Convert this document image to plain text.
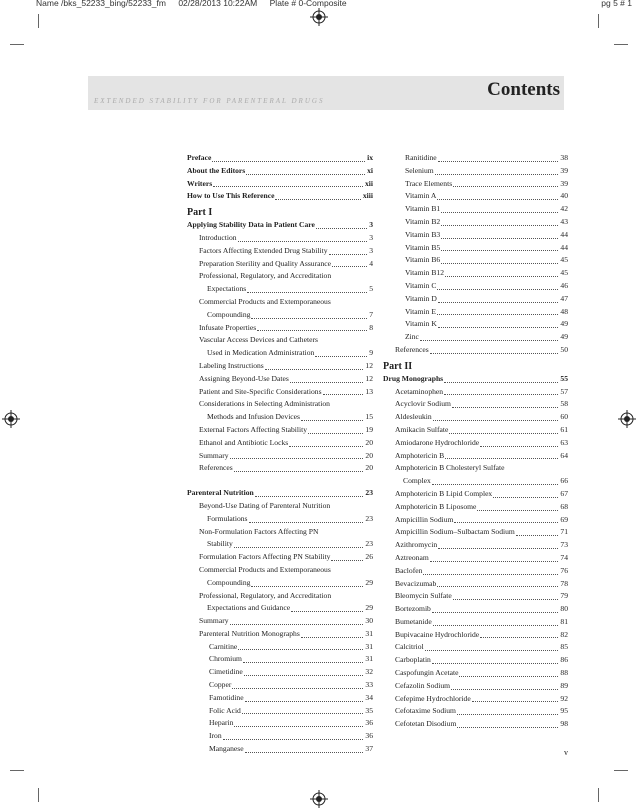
Name /bks_52233_bing/52233_fm 02/28/2013 10:22AM Plate # 0-Composite	pg 5 # 1
Contents
EXTENDED STABILITY FOR PARENTERAL DRUGS
Preface	ix
About the Editors	xi
Writers	xii
How to Use This Reference	xiii
Part I
Applying Stability Data in Patient Care	3
Introduction	3
Factors Affecting Extended Drug Stability	3
Preparation Sterility and Quality Assurance	4
Professional, Regulatory, and Accreditation
Expectations	5
Commercial Products and Extemporaneous
Compounding	7
Infusate Properties	8
Vascular Access Devices and Catheters
Used in Medication Administration	9
Labeling Instructions	12
Assigning Beyond-Use Dates	12
Patient and Site-Specific Considerations	13
Considerations in Selecting Administration
Methods and Infusion Devices	15
External Factors Affecting Stability	19
Ethanol and Antibiotic Locks	20
Summary	20
References	20
Parenteral Nutrition	23
Beyond-Use Dating of Parenteral Nutrition
Formulations	23
Non-Formulation Factors Affecting PN
Stability	23
Formulation Factors Affecting PN Stability	26
Commercial Products and Extemporaneous
Compounding	29
Professional, Regulatory, and Accreditation
Expectations and Guidance	29
Summary	30
Parenteral Nutrition Monographs	31
Carnitine	31
Chromium	31
Cimetidine	32
Copper	33
Famotidine	34
Folic Acid	35
Heparin	36
Iron	36
Manganese	37
Ranitidine	38
Selenium	39
Trace Elements	39
Vitamin A	40
Vitamin B1	42
Vitamin B2	43
Vitamin B3	44
Vitamin B5	44
Vitamin B6	45
Vitamin B12	45
Vitamin C	46
Vitamin D	47
Vitamin E	48
Vitamin K	49
Zinc	49
References	50
Part II
Drug Monographs	55
Acetaminophen	57
Acyclovir Sodium	58
Aldesleukin	60
Amikacin Sulfate	61
Amiodarone Hydrochloride	63
Amphotericin B	64
Amphotericin B Cholesteryl Sulfate
Complex	66
Amphotericin B Lipid Complex	67
Amphotericin B Liposome	68
Ampicillin Sodium	69
Ampicillin Sodium–Sulbactam Sodium	71
Azithromycin	73
Aztreonam	74
Baclofen	76
Bevacizumab	78
Bleomycin Sulfate	79
Bortezomib	80
Bumetanide	81
Bupivacaine Hydrochloride	82
Calcitriol	85
Carboplatin	86
Caspofungin Acetate	88
Cefazolin Sodium	89
Cefepime Hydrochloride	92
Cefotaxime Sodium	95
Cefotetan Disodium	98
v
